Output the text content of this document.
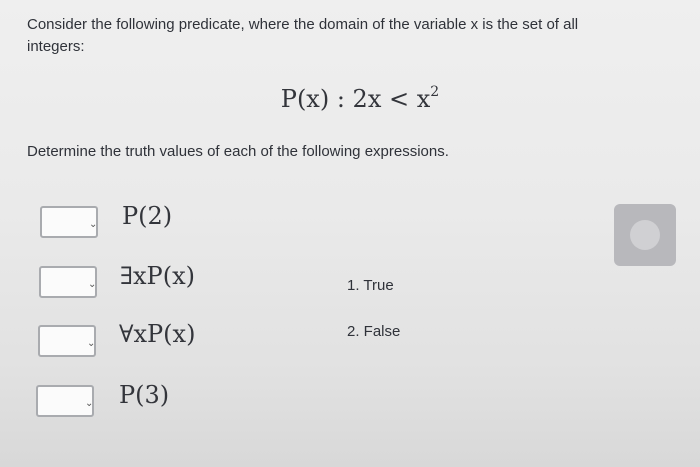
Consider the following predicate, where the domain of the variable x is the set of all integers:
P(x) : $2x < x^2$
Determine the truth values of each of the following expressions.
⌄ P(2)
⌄ ∃xP(x)
⌄ ∀xP(x)
⌄ P(3)
1. True
2. False
